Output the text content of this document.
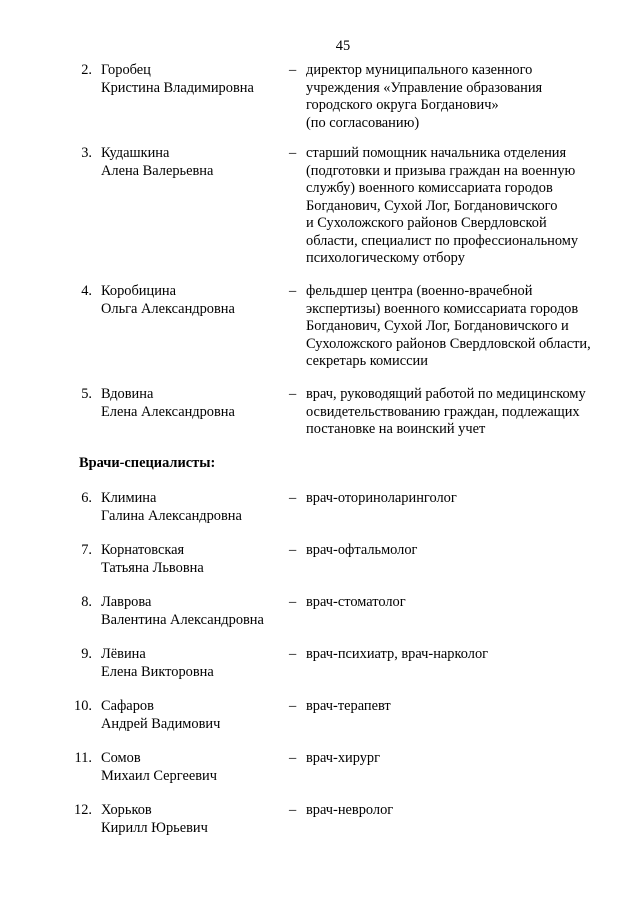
45
2. Горобец
Кристина Владимировна
– директор муниципального казенного
учреждения «Управление образования
городского округа Богданович»
(по согласованию)
3. Кудашкина
Алена Валерьевна
– старший помощник начальника отделения
(подготовки и призыва граждан на военную
службу) военного комиссариата городов
Богданович, Сухой Лог, Богдановичского
и Сухоложского районов Свердловской
области, специалист по профессиональному
психологическому отбору
4. Коробицина
Ольга Александровна
– фельдшер центра (военно-врачебной
экспертизы) военного комиссариата городов
Богданович, Сухой Лог, Богдановичского и
Сухоложского районов Свердловской области,
секретарь комиссии
5. Вдовина
Елена Александровна
– врач, руководящий работой по медицинскому
освидетельствованию граждан, подлежащих
постановке на воинский учет
Врачи-специалисты:
6. Климина
Галина Александровна
– врач-оториноларинголог
7. Корнатовская
Татьяна Львовна
– врач-офтальмолог
8. Лаврова
Валентина Александровна
– врач-стоматолог
9. Лёвина
Елена Викторовна
– врач-психиатр, врач-нарколог
10. Сафаров
Андрей Вадимович
– врач-терапевт
11. Сомов
Михаил Сергеевич
– врач-хирург
12. Хорьков
Кирилл Юрьевич
– врач-невролог
